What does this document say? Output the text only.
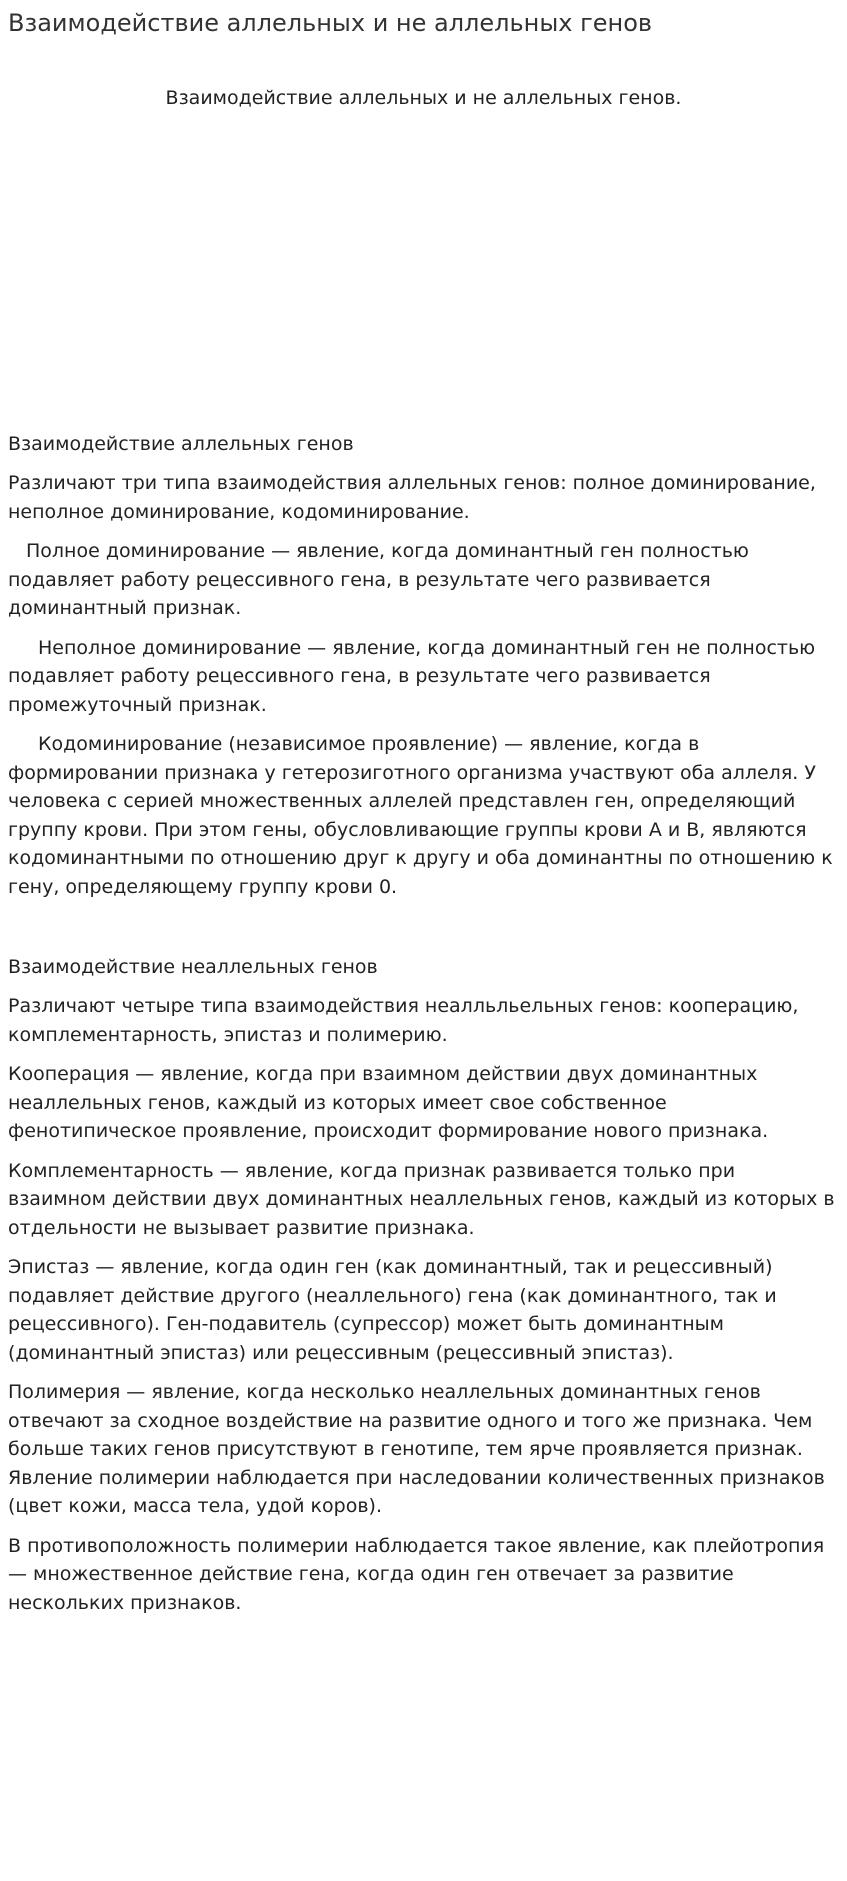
Взаимодействие аллельных и не аллельных генов

Взаимодействие аллельных и не аллельных генов.

Взаимодействие аллельных генов

Различают три типа взаимодействия аллельных генов: полное доминирование, неполное доминирование, кодоминирование.

Полное доминирование — явление, когда доминантный ген полностью подавляет работу рецессивного гена, в результате чего развивается доминантный признак.

Неполное доминирование — явление, когда доминантный ген не полностью подавляет работу рецессивного гена, в результате чего развивается промежуточный признак.

Кодоминирование (независимое проявление) — явление, когда в формировании признака у гетерозиготного организма участвуют оба аллеля. У человека с серией множественных аллелей представлен ген, определяющий группу крови. При этом гены, обусловливающие группы крови А и В, являются кодоминантными по отношению друг к другу и оба доминантны по отношению к гену, определяющему группу крови 0.

Взаимодействие неаллельных генов

Различают четыре типа взаимодействия неалльльельных генов: кооперацию, комплементарность, эпистаз и полимерию.

Кооперация — явление, когда при взаимном действии двух доминантных неаллельных генов, каждый из которых имеет свое собственное фенотипическое проявление, происходит формирование нового признака.

Комплементарность — явление, когда признак развивается только при взаимном действии двух доминантных неаллельных генов, каждый из которых в отдельности не вызывает развитие признака.

Эпистаз — явление, когда один ген (как доминантный, так и рецессивный) подавляет действие другого (неаллельного) гена (как доминантного, так и рецессивного). Ген-подавитель (супрессор) может быть доминантным (доминантный эпистаз) или рецессивным (рецессивный эпистаз).

Полимерия — явление, когда несколько неаллельных доминантных генов отвечают за сходное воздействие на развитие одного и того же признака. Чем больше таких генов присутствуют в генотипе, тем ярче проявляется признак. Явление полимерии наблюдается при наследовании количественных признаков (цвет кожи, масса тела, удой коров).

В противоположность полимерии наблюдается такое явление, как плейотропия — множественное действие гена, когда один ген отвечает за развитие нескольких признаков.
